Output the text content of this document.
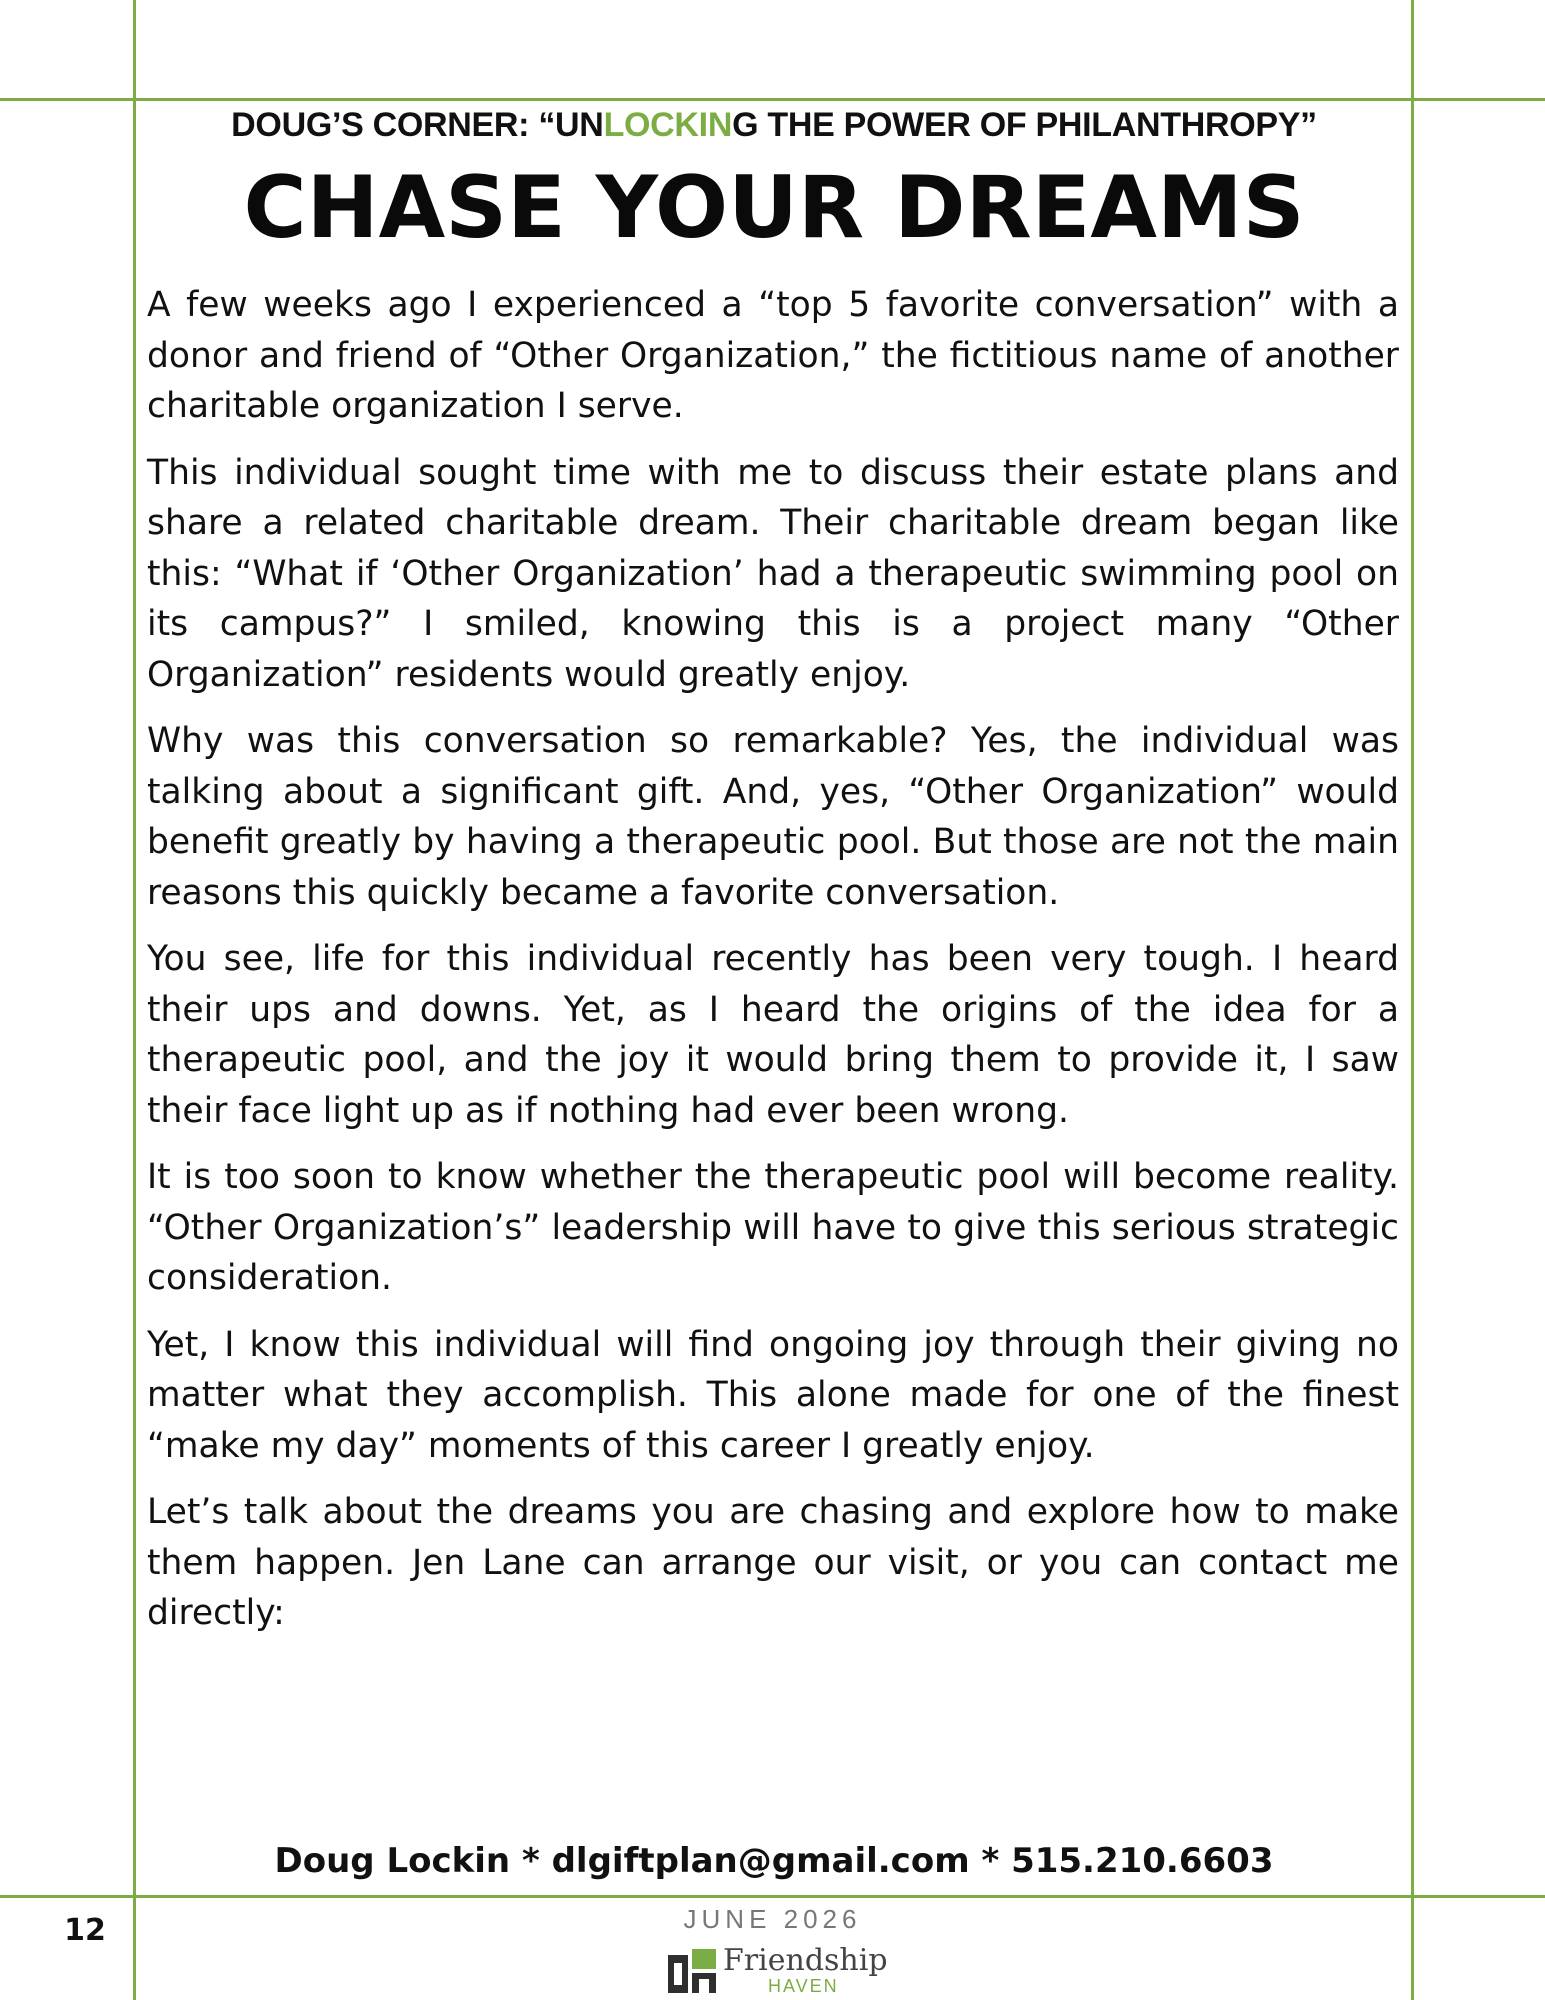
DOUG’S CORNER: “UNLOCKING THE POWER OF PHILANTHROPY”
CHASE YOUR DREAMS

A few weeks ago I experienced a “top 5 favorite conversation” with a donor and friend of “Other Organization,” the fictitious name of another charitable organization I serve.

This individual sought time with me to discuss their estate plans and share a related charitable dream. Their charitable dream began like this: “What if ‘Other Organization’ had a therapeutic swimming pool on its campus?” I smiled, knowing this is a project many “Other Organization” residents would greatly enjoy.

Why was this conversation so remarkable? Yes, the individual was talking about a significant gift. And, yes, “Other Organization” would benefit greatly by having a therapeutic pool. But those are not the main reasons this quickly became a favorite conversation.

You see, life for this individual recently has been very tough. I heard their ups and downs. Yet, as I heard the origins of the idea for a therapeutic pool, and the joy it would bring them to provide it, I saw their face light up as if nothing had ever been wrong.

It is too soon to know whether the therapeutic pool will become reality. “Other Organization’s” leadership will have to give this serious strategic consideration.

Yet, I know this individual will find ongoing joy through their giving no matter what they accomplish. This alone made for one of the finest “make my day” moments of this career I greatly enjoy.

Let’s talk about the dreams you are chasing and explore how to make them happen. Jen Lane can arrange our visit, or you can contact me directly:

Doug Lockin * dlgiftplan@gmail.com * 515.210.6603
12	JUNE 2026
Friendship
HAVEN
